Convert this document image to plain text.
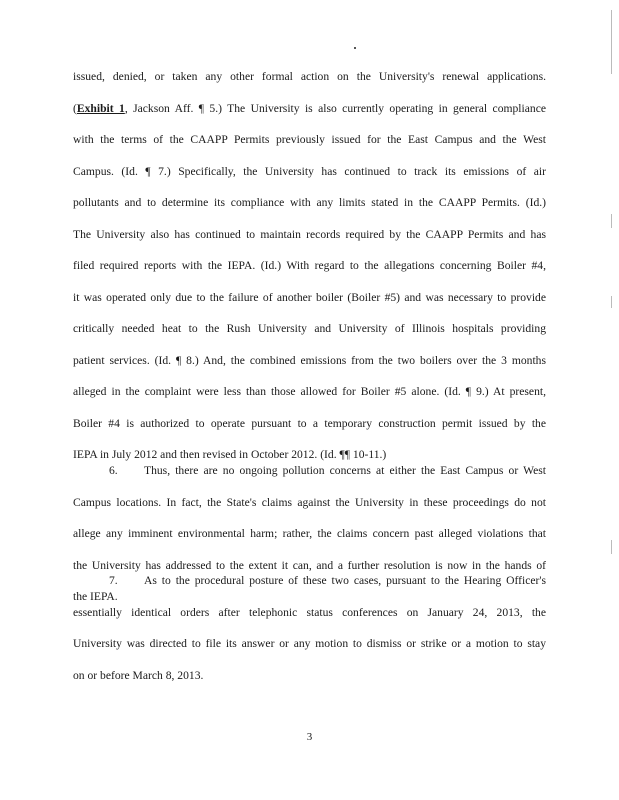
issued, denied, or taken any other formal action on the University's renewal applications.
(Exhibit 1, Jackson Aff. ¶ 5.) The University is also currently operating in general compliance
with the terms of the CAAPP Permits previously issued for the East Campus and the West
Campus. (Id. ¶ 7.) Specifically, the University has continued to track its emissions of air
pollutants and to determine its compliance with any limits stated in the CAAPP Permits. (Id.)
The University also has continued to maintain records required by the CAAPP Permits and has
filed required reports with the IEPA. (Id.) With regard to the allegations concerning Boiler #4,
it was operated only due to the failure of another boiler (Boiler #5) and was necessary to provide
critically needed heat to the Rush University and University of Illinois hospitals providing
patient services. (Id. ¶ 8.) And, the combined emissions from the two boilers over the 3 months
alleged in the complaint were less than those allowed for Boiler #5 alone. (Id. ¶ 9.) At present,
Boiler #4 is authorized to operate pursuant to a temporary construction permit issued by the
IEPA in July 2012 and then revised in October 2012. (Id. ¶¶ 10-11.)
6. Thus, there are no ongoing pollution concerns at either the East Campus or West
Campus locations. In fact, the State's claims against the University in these proceedings do not
allege any imminent environmental harm; rather, the claims concern past alleged violations that
the University has addressed to the extent it can, and a further resolution is now in the hands of
the IEPA.
7. As to the procedural posture of these two cases, pursuant to the Hearing Officer's
essentially identical orders after telephonic status conferences on January 24, 2013, the
University was directed to file its answer or any motion to dismiss or strike or a motion to stay
on or before March 8, 2013.
3
